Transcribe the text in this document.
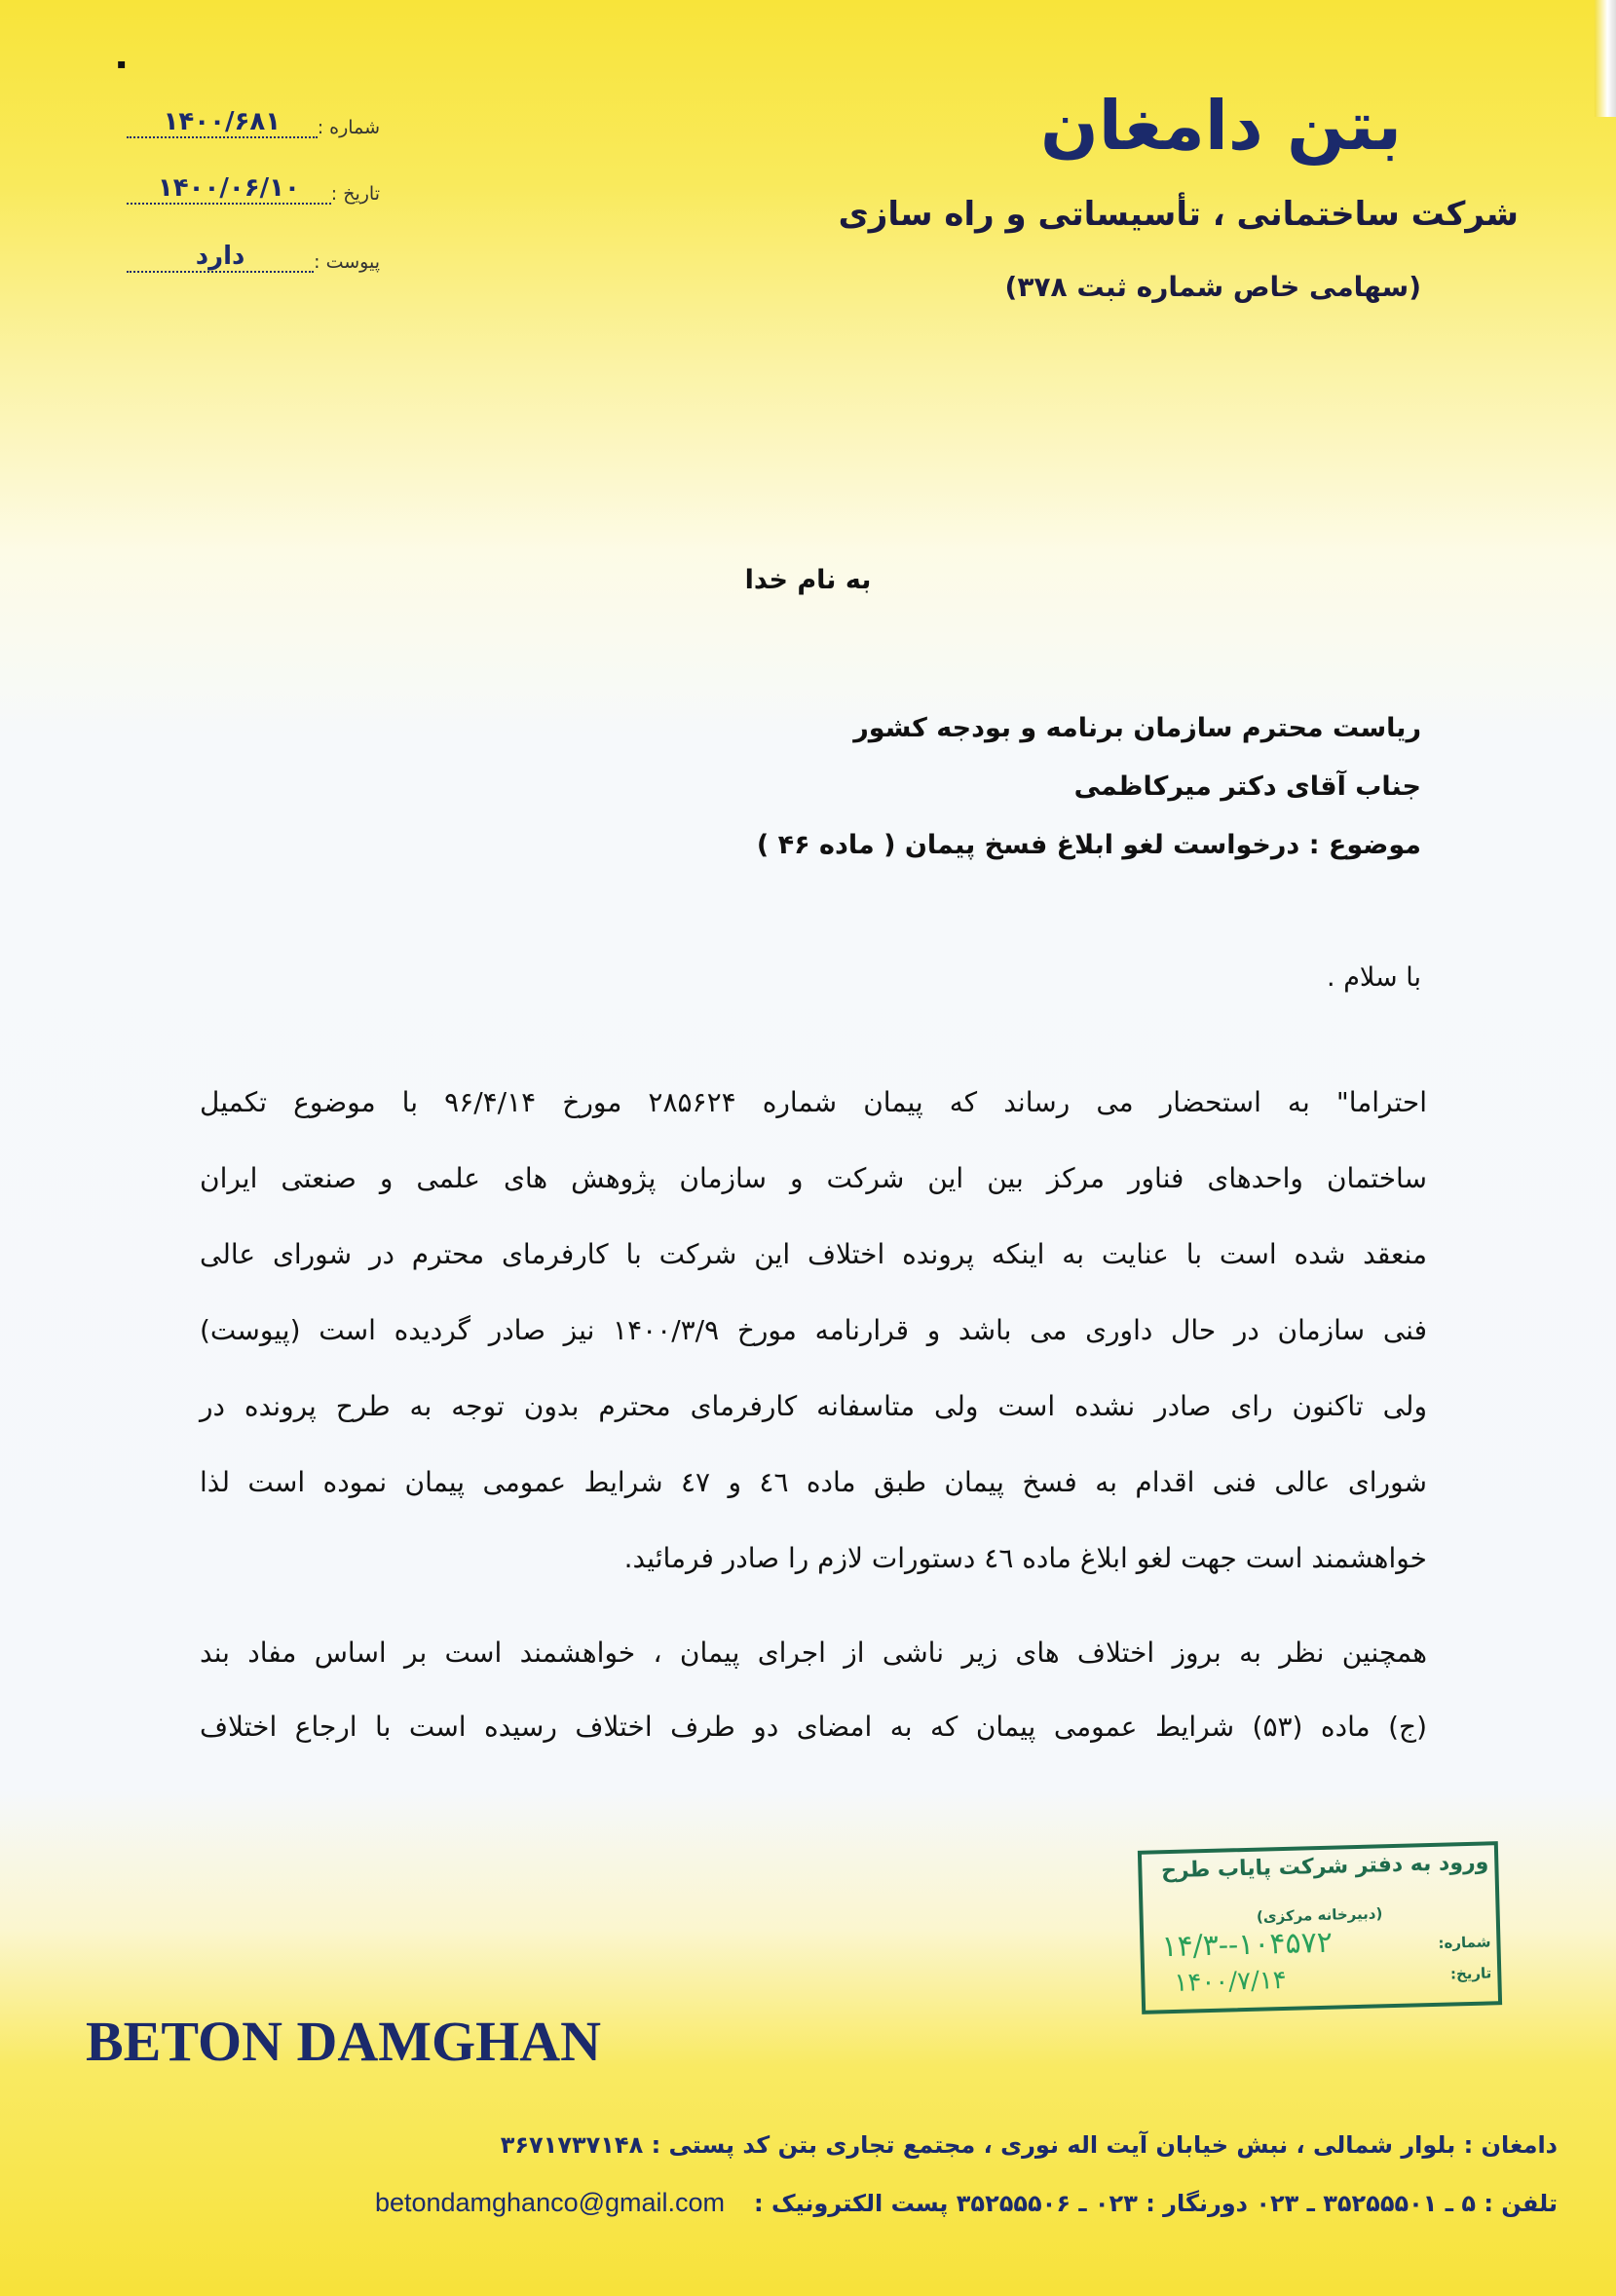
▪
بتن دامغان
شرکت ساختمانی ، تأسیساتی و راه سازی
(سهامی خاص شماره ثبت ۳۷۸)
شماره :
۱۴۰۰/۶۸۱
تاریخ :
۱۴۰۰/۰۶/۱۰
پیوست :
دارد
به نام خدا
ریاست محترم سازمان برنامه و بودجه کشور
جناب آقای دکتر میرکاظمی
موضوع : درخواست لغو ابلاغ فسخ پیمان ( ماده ۴۶ )
با سلام .
احتراما" به استحضار می رساند که پیمان شماره ۲۸۵۶۲۴ مورخ ۹۶/۴/۱۴ با موضوع تکمیل
ساختمان واحدهای فناور مرکز بین این شرکت و سازمان پژوهش های علمی و صنعتی ایران
منعقد شده است با عنایت به اینکه پرونده اختلاف این شرکت با کارفرمای محترم در شورای عالی
فنی سازمان در حال داوری می باشد و قرارنامه مورخ ۱۴۰۰/۳/۹ نیز صادر گردیده است (پیوست)
ولی تاکنون رای صادر نشده است ولی متاسفانه کارفرمای محترم بدون توجه به طرح پرونده در
شورای عالی فنی اقدام به فسخ پیمان طبق ماده ٤٦ و ٤٧ شرایط عمومی پیمان نموده است لذا
خواهشمند است جهت لغو ابلاغ ماده ٤٦ دستورات لازم را صادر فرمائید.
همچنین نظر به بروز اختلاف های زیر ناشی از اجرای پیمان ، خواهشمند است بر اساس مفاد بند
(ج) ماده (۵۳) شرایط عمومی پیمان که به امضای دو طرف اختلاف رسیده است با ارجاع اختلاف
ورود به دفتر شرکت پایاب طرح
(دبیرخانه مرکزی)
شماره:
۱۴/۳--۱۰۴۵۷۲
تاریخ:
۱۴۰۰/۷/۱۴
BETON DAMGHAN
دامغان : بلوار شمالی ، نبش خیابان آیت اله نوری ، مجتمع تجاری بتن کد پستی : ۳۶۷۱۷۳۷۱۴۸
تلفن : ۵ ـ ۳۵۲۵۵۵۰۱ ـ ۰۲۳ دورنگار : ۰۲۳ ـ ۳۵۲۵۵۵۰۶ پست الکترونیک :
betondamghanco@gmail.com
